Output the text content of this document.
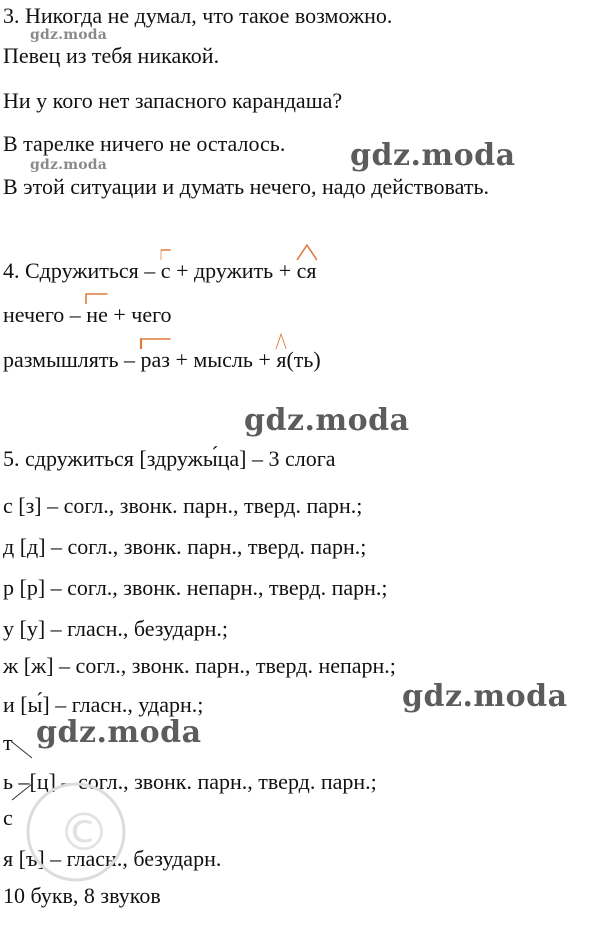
3. Никогда не думал, что такое возможно.
Певец из тебя никакой.
Ни у кого нет запасного карандаша?
В тарелке ничего не осталось.
В этой ситуации и думать нечего, надо действовать.
4. Сдружиться –
с + дружить +
ся
нечего –
не + чего
размышлять –
раз + мысль +
я(ть)
5. сдружиться [здружы́ца] – 3 слога
с [з] – согл., звонк. парн., тверд. парн.;
д [д] – согл., звонк. парн., тверд. парн.;
р [р] – согл., звонк. непарн., тверд. парн.;
у [у] – гласн., безударн.;
ж [ж] – согл., звонк. парн., тверд. непарн.;
и [ы́] – гласн., ударн.;
т
ь –[ц] – согл., звонк. парн., тверд. парн.;
с
я [ъ] – гласн., безударн.
10 букв, 8 звуков
©
gdz.moda
gdz.moda	gdz.moda
gdz.moda
gdz.moda
gdz.moda
